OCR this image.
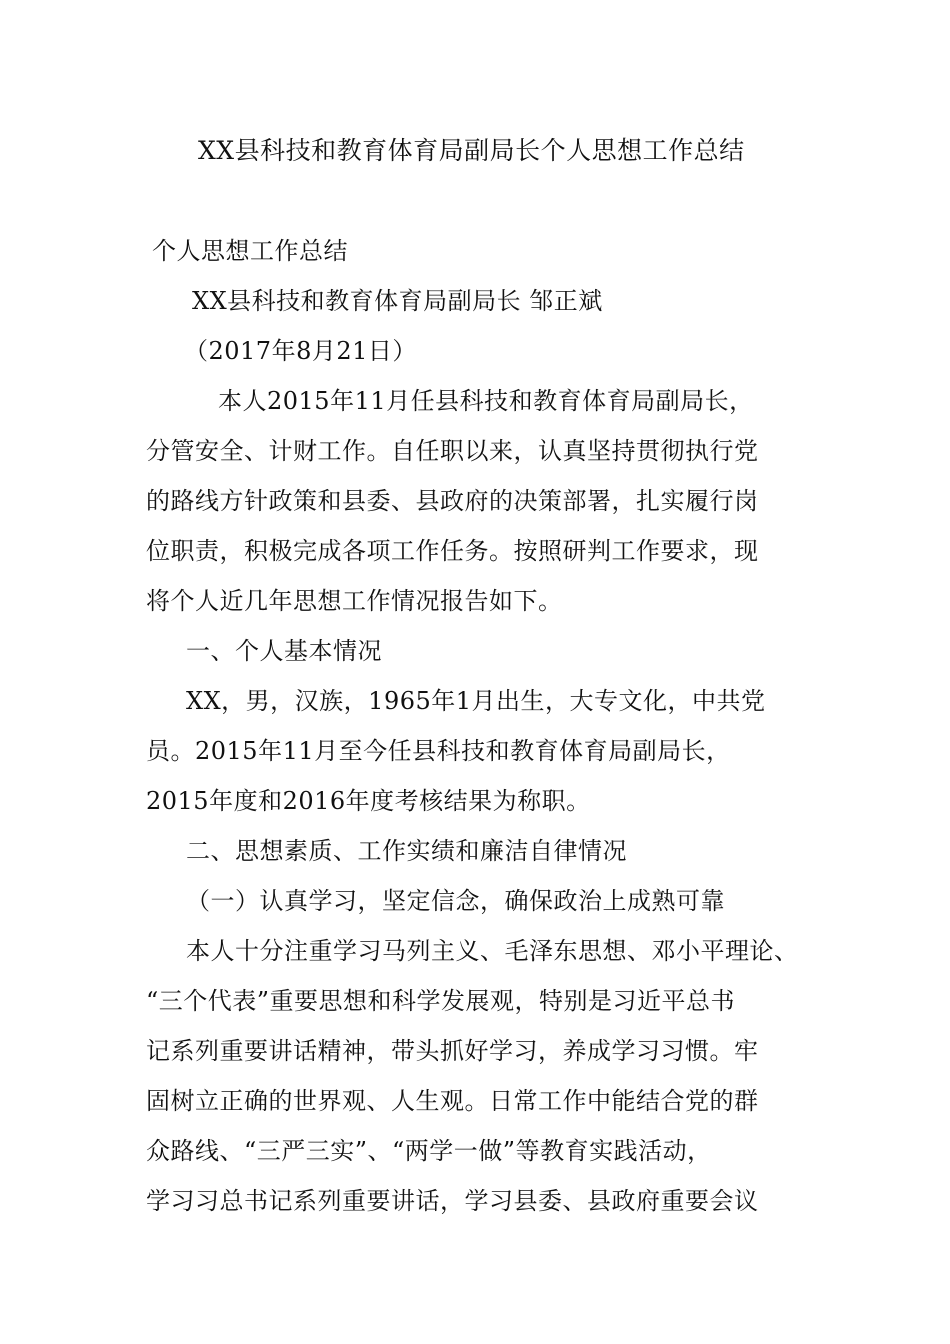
XX县科技和教育体育局副局长个人思想工作总结
个人思想工作总结
XX县科技和教育体育局副局长 邹正斌
（2017年8月21日）
本人2015年11月任县科技和教育体育局副局长，
分管安全、计财工作。自任职以来，认真坚持贯彻执行党
的路线方针政策和县委、县政府的决策部署，扎实履行岗
位职责，积极完成各项工作任务。按照研判工作要求，现
将个人近几年思想工作情况报告如下。
一、个人基本情况
XX，男，汉族，1965年1月出生，大专文化，中共党
员。2015年11月至今任县科技和教育体育局副局长，
2015年度和2016年度考核结果为称职。
二、思想素质、工作实绩和廉洁自律情况
（一）认真学习，坚定信念，确保政治上成熟可靠
本人十分注重学习马列主义、毛泽东思想、邓小平理论、
“三个代表”重要思想和科学发展观，特别是习近平总书
记系列重要讲话精神，带头抓好学习，养成学习习惯。牢
固树立正确的世界观、人生观。日常工作中能结合党的群
众路线、“三严三实”、“两学一做”等教育实践活动，
学习习总书记系列重要讲话，学习县委、县政府重要会议
